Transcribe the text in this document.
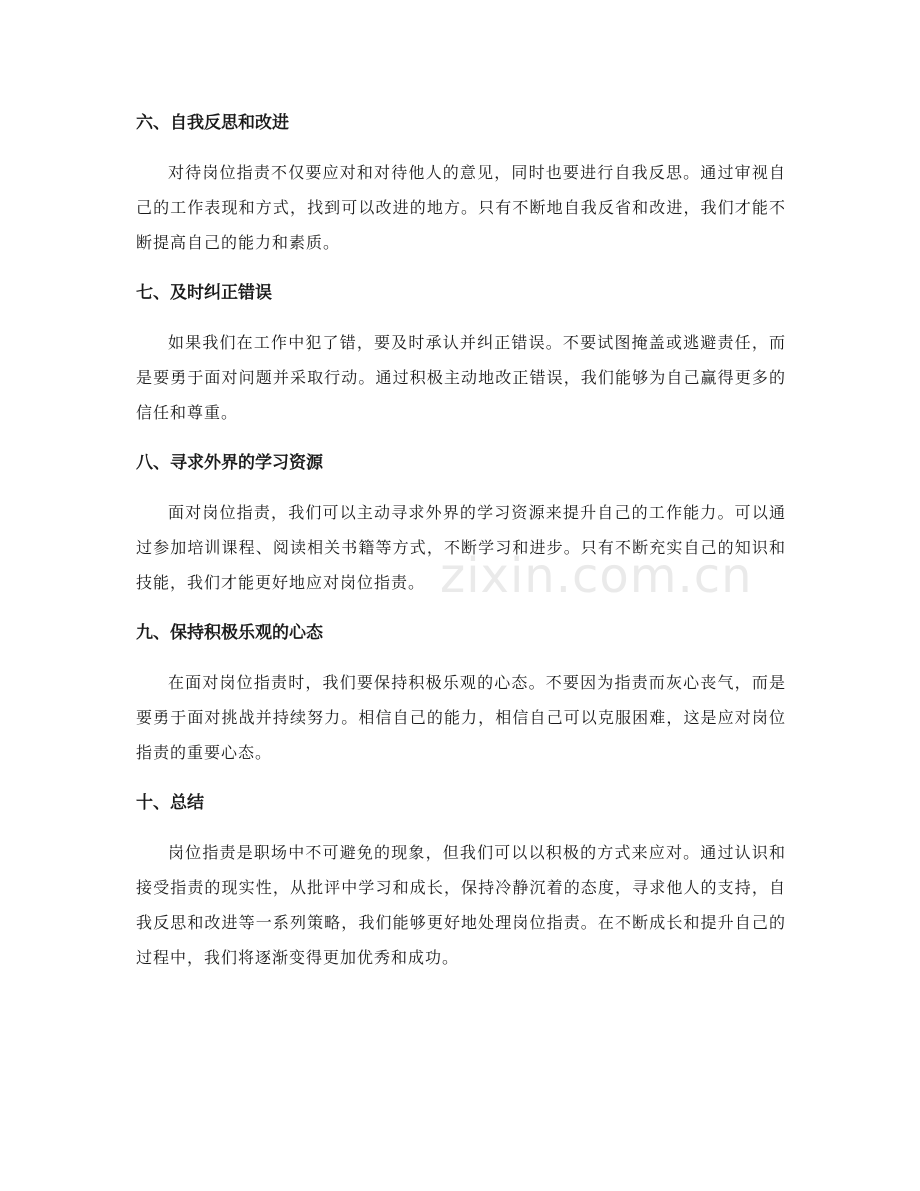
六、自我反思和改进

对待岗位指责不仅要应对和对待他人的意见，同时也要进行自我反思。通过审视自己的工作表现和方式，找到可以改进的地方。只有不断地自我反省和改进，我们才能不断提高自己的能力和素质。

七、及时纠正错误

如果我们在工作中犯了错，要及时承认并纠正错误。不要试图掩盖或逃避责任，而是要勇于面对问题并采取行动。通过积极主动地改正错误，我们能够为自己赢得更多的信任和尊重。

八、寻求外界的学习资源

面对岗位指责，我们可以主动寻求外界的学习资源来提升自己的工作能力。可以通过参加培训课程、阅读相关书籍等方式，不断学习和进步。只有不断充实自己的知识和技能，我们才能更好地应对岗位指责。

九、保持积极乐观的心态

在面对岗位指责时，我们要保持积极乐观的心态。不要因为指责而灰心丧气，而是要勇于面对挑战并持续努力。相信自己的能力，相信自己可以克服困难，这是应对岗位指责的重要心态。

十、总结

岗位指责是职场中不可避免的现象，但我们可以以积极的方式来应对。通过认识和接受指责的现实性，从批评中学习和成长，保持冷静沉着的态度，寻求他人的支持，自我反思和改进等一系列策略，我们能够更好地处理岗位指责。在不断成长和提升自己的过程中，我们将逐渐变得更加优秀和成功。

zixin.com.cn
